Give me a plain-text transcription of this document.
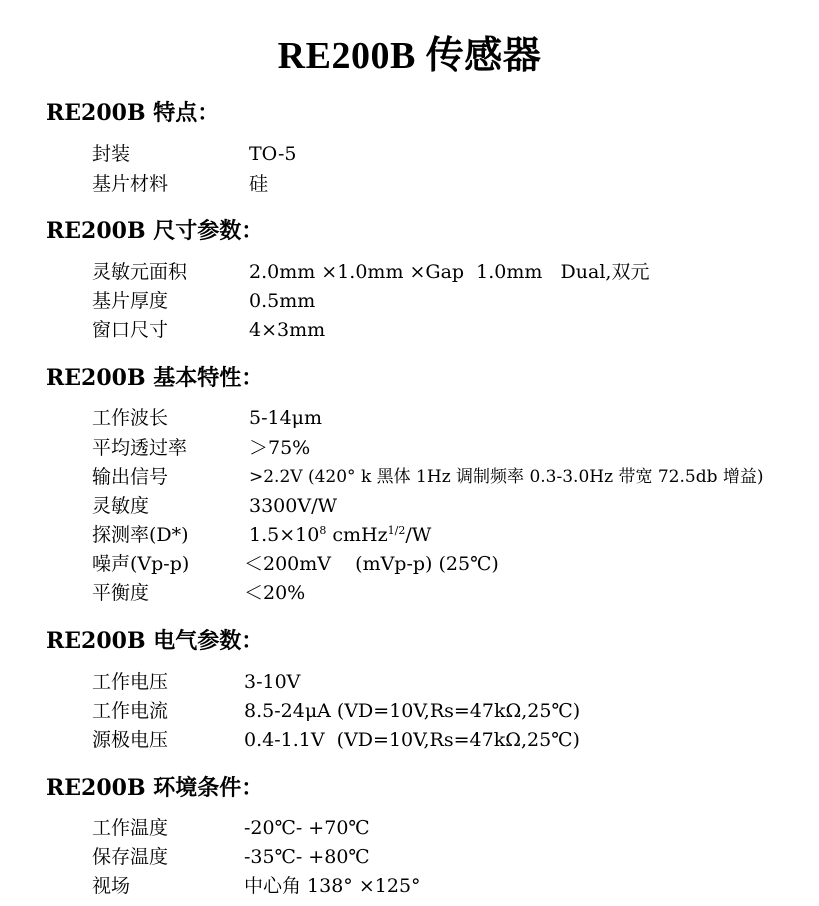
RE200B 传感器
RE200B 特点：
封装	TO-5
基片材料	硅
RE200B 尺寸参数：
灵敏元面积	2.0mm ×1.0mm ×Gap  1.0mm   Dual,双元
基片厚度	0.5mm
窗口尺寸	4×3mm
RE200B 基本特性：
工作波长	5-14μm
平均透过率	＞75%
输出信号	>2.2V (420° k 黑体 1Hz 调制频率 0.3-3.0Hz 带宽 72.5db 增益)
灵敏度	3300V/W
探测率(D*)	$1.5\times 10^8$ cmHz$^{1/2}$/W
噪声(Vp-p)	＜200mV    (mVp-p) (25℃)
平衡度	＜20%
RE200B 电气参数：
工作电压	3-10V
工作电流	8.5-24μA (VD=10V,Rs=47kΩ,25℃)
源极电压	0.4-1.1V  (VD=10V,Rs=47kΩ,25℃)
RE200B 环境条件：
工作温度	-20℃- +70℃
保存温度	-35℃- +80℃
视场	中心角 138° ×125°
